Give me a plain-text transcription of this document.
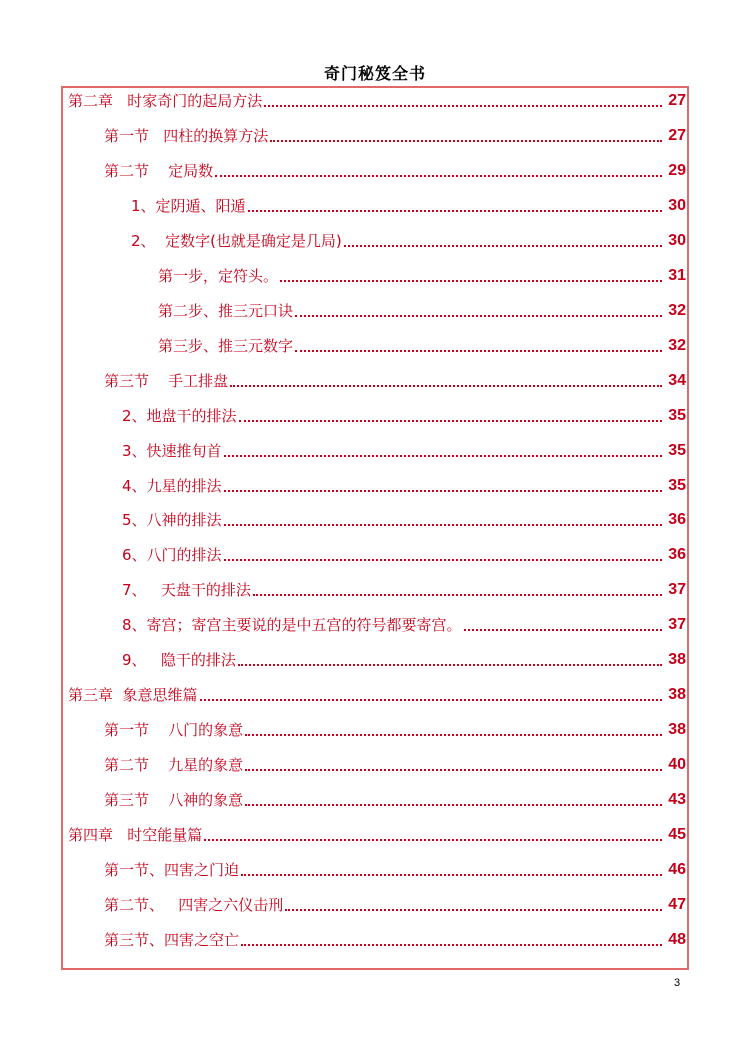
奇门秘笈全书
第二章   时家奇门的起局方法	27
第一节   四柱的换算方法	27
第二节    定局数	29
1、定阴遁、阳遁	30
2、  定数字(也就是确定是几局)	30
第一步，定符头。	31
第二步、推三元口诀	32
第三步、推三元数字	32
第三节    手工排盘	34
2、地盘干的排法	35
3、快速推旬首	35
4、九星的排法	35
5、八神的排法	36
6、八门的排法	36
7、   天盘干的排法	37
8、寄宫；寄宫主要说的是中五宫的符号都要寄宫。	37
9、   隐干的排法	38
第三章  象意思维篇	38
第一节    八门的象意	38
第二节    九星的象意	40
第三节    八神的象意	43
第四章   时空能量篇	45
第一节、四害之门迫	46
第二节、   四害之六仪击刑	47
第三节、四害之空亡	48
3
